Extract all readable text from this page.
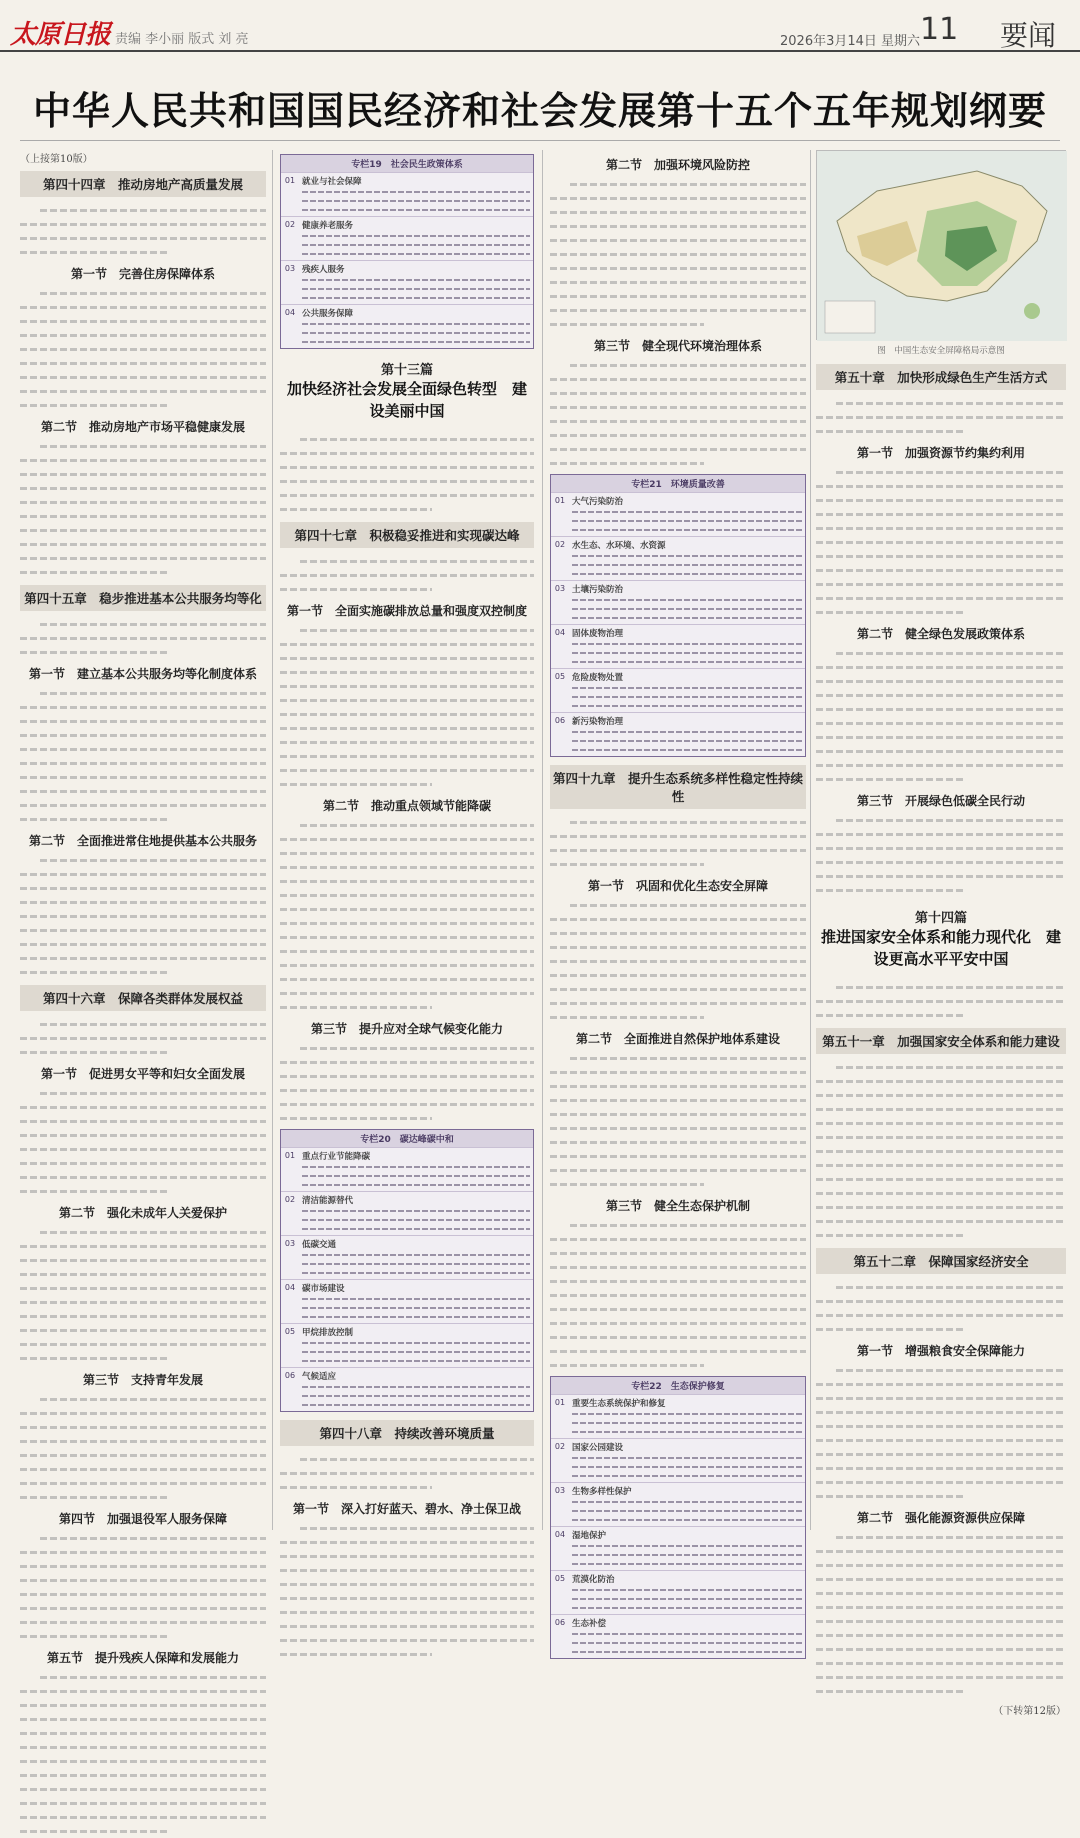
太原日报 责编 李小丽 版式 刘 亮	2026年3月14日 星期六 11 要闻
中华人民共和国国民经济和社会发展第十五个五年规划纲要
（上接第10版）
第四十四章　推动房地产高质量发展
第一节　完善住房保障体系
第二节　推动房地产市场平稳健康发展
第四十五章　稳步推进基本公共服务均等化
第一节　建立基本公共服务均等化制度体系
第二节　全面推进常住地提供基本公共服务
第四十六章　保障各类群体发展权益
第一节　促进男女平等和妇女全面发展
第二节　强化未成年人关爱保护
第三节　支持青年发展
第四节　加强退役军人服务保障
第五节　提升残疾人保障和发展能力
专栏19　社会民生政策体系
01 就业与社会保障
02 健康养老服务
03 残疾人服务
04 公共服务保障
第十三篇
加快经济社会发展全面绿色转型　建设美丽中国
第四十七章　积极稳妥推进和实现碳达峰
第一节　全面实施碳排放总量和强度双控制度
第二节　推动重点领域节能降碳
第三节　提升应对全球气候变化能力
专栏20　碳达峰碳中和
01 重点行业节能降碳
02 清洁能源替代
03 低碳交通
04 碳市场建设
05 甲烷排放控制
06 气候适应
第四十八章　持续改善环境质量
第一节　深入打好蓝天、碧水、净土保卫战
第二节　加强环境风险防控
第三节　健全现代环境治理体系
专栏21　环境质量改善
01 大气污染防治
02 水生态、水环境、水资源
03 土壤污染防治
04 固体废物治理
05 危险废物处置
06 新污染物治理
第四十九章　提升生态系统多样性稳定性持续性
第一节　巩固和优化生态安全屏障
第二节　全面推进自然保护地体系建设
第三节　健全生态保护机制
专栏22　生态保护修复
01 重要生态系统保护和修复
02 国家公园建设
03 生物多样性保护
04 湿地保护
05 荒漠化防治
06 生态补偿
图　中国生态安全屏障格局示意图
第五十章　加快形成绿色生产生活方式
第一节　加强资源节约集约利用
第二节　健全绿色发展政策体系
第三节　开展绿色低碳全民行动
第十四篇
推进国家安全体系和能力现代化　建设更高水平平安中国
第五十一章　加强国家安全体系和能力建设
第五十二章　保障国家经济安全
第一节　增强粮食安全保障能力
第二节　强化能源资源供应保障
（下转第12版）
